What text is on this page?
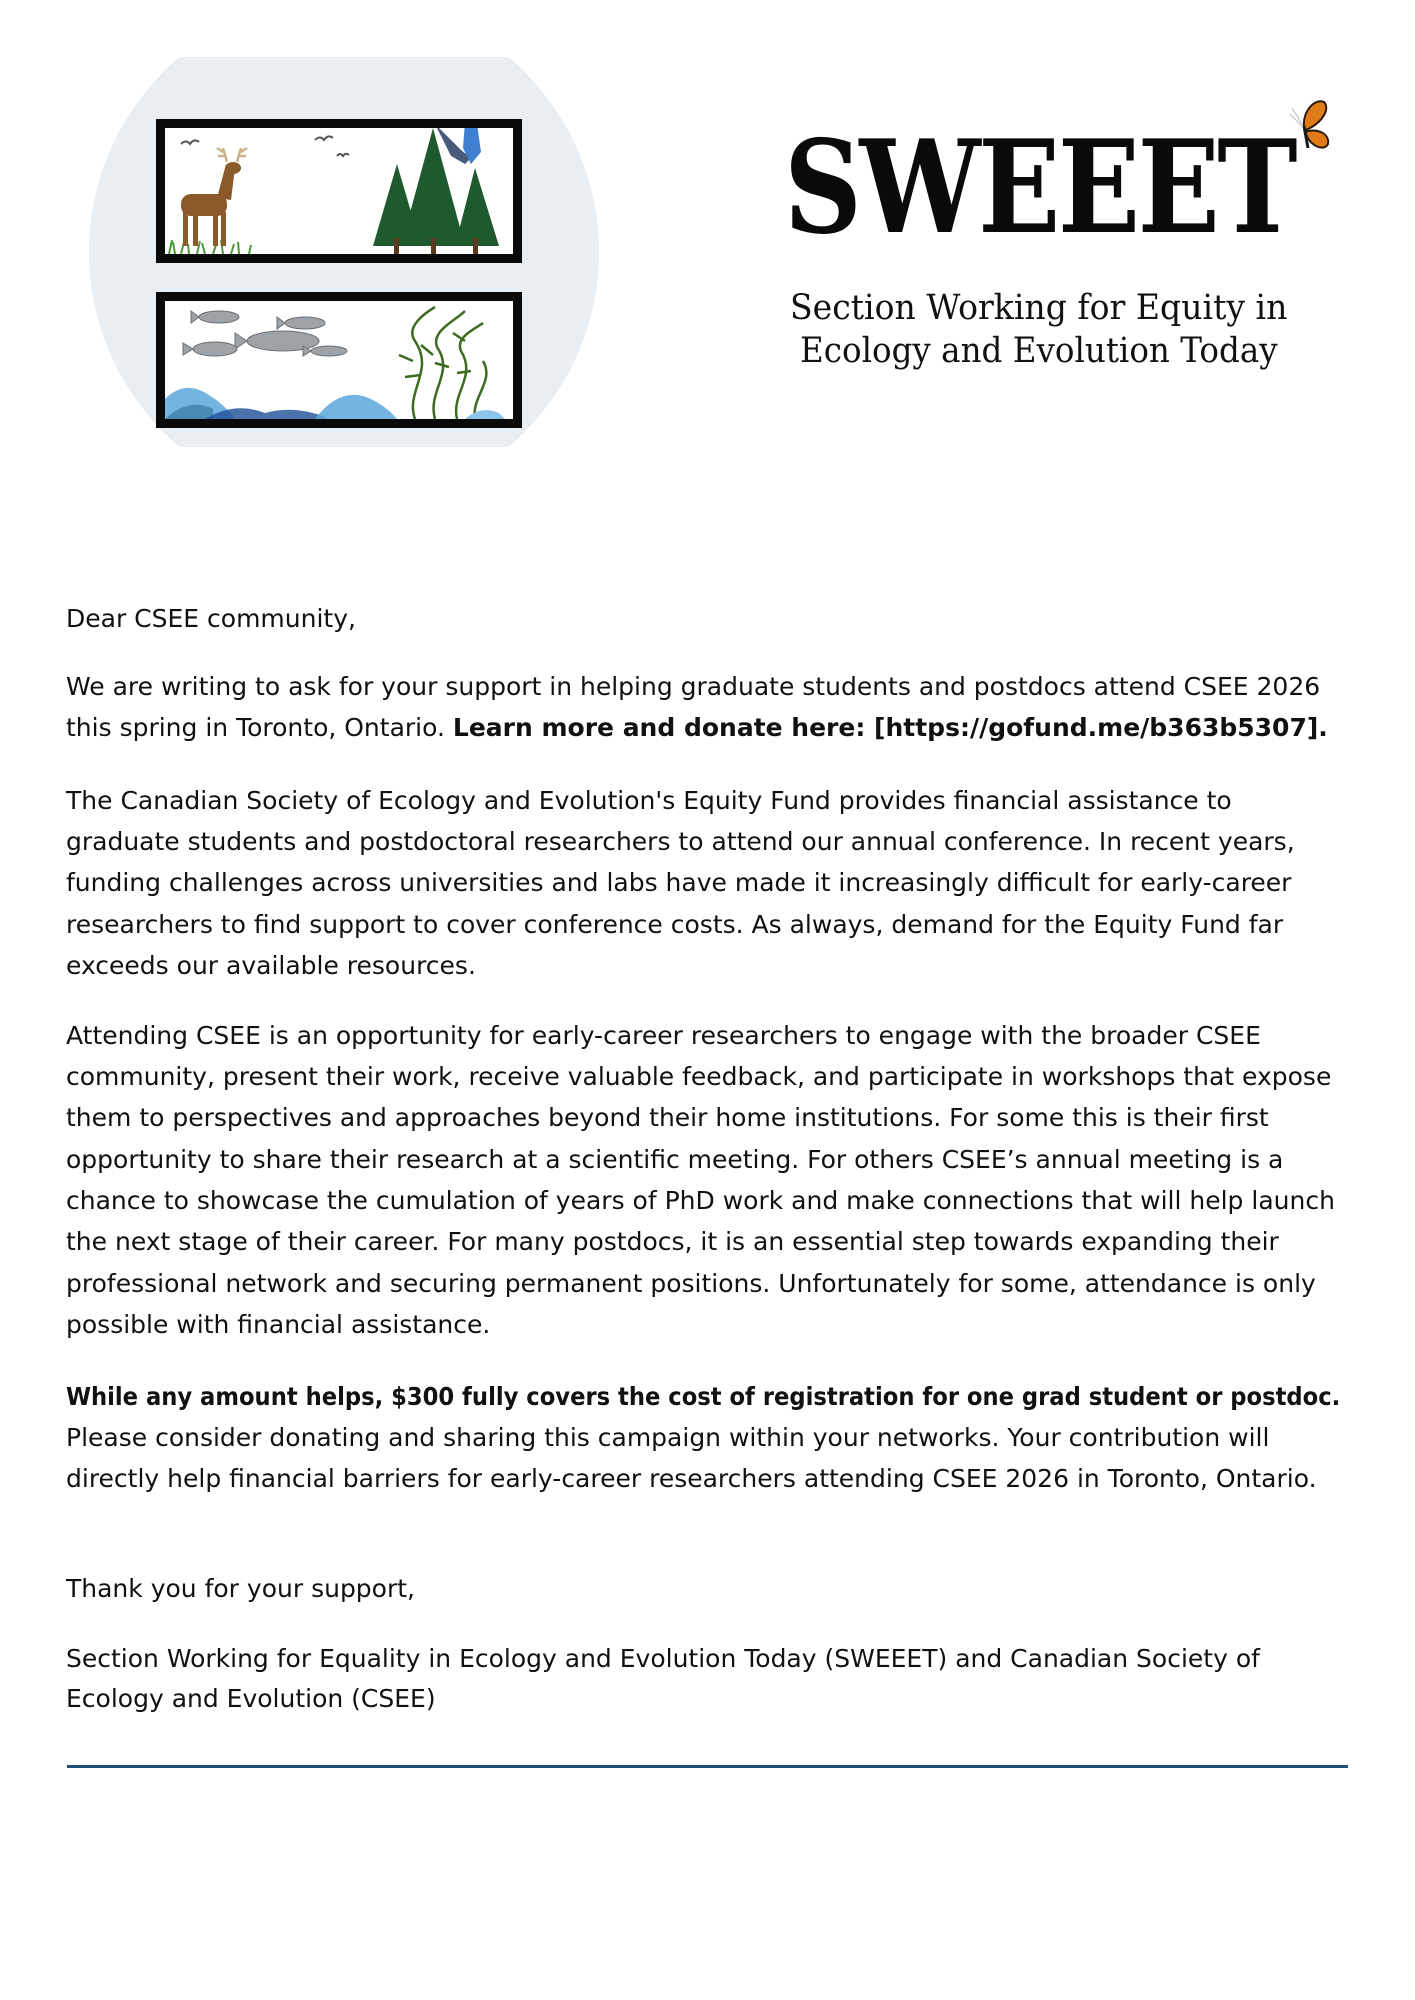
SWEEET
Section Working for Equity in
Ecology and Evolution Today
Dear CSEE community,
We are writing to ask for your support in helping graduate students and postdocs attend CSEE 2026
this spring in Toronto, Ontario. Learn more and donate here: [https://gofund.me/b363b5307].
The Canadian Society of Ecology and Evolution's Equity Fund provides financial assistance to
graduate students and postdoctoral researchers to attend our annual conference. In recent years,
funding challenges across universities and labs have made it increasingly difficult for early-career
researchers to find support to cover conference costs. As always, demand for the Equity Fund far
exceeds our available resources.
Attending CSEE is an opportunity for early-career researchers to engage with the broader CSEE
community, present their work, receive valuable feedback, and participate in workshops that expose
them to perspectives and approaches beyond their home institutions. For some this is their first
opportunity to share their research at a scientific meeting. For others CSEE’s annual meeting is a
chance to showcase the cumulation of years of PhD work and make connections that will help launch
the next stage of their career. For many postdocs, it is an essential step towards expanding their
professional network and securing permanent positions. Unfortunately for some, attendance is only
possible with financial assistance.
While any amount helps, $300 fully covers the cost of registration for one grad student or postdoc.
Please consider donating and sharing this campaign within your networks. Your contribution will
directly help financial barriers for early-career researchers attending CSEE 2026 in Toronto, Ontario.
Thank you for your support,
Section Working for Equality in Ecology and Evolution Today (SWEEET) and Canadian Society of
Ecology and Evolution (CSEE)
